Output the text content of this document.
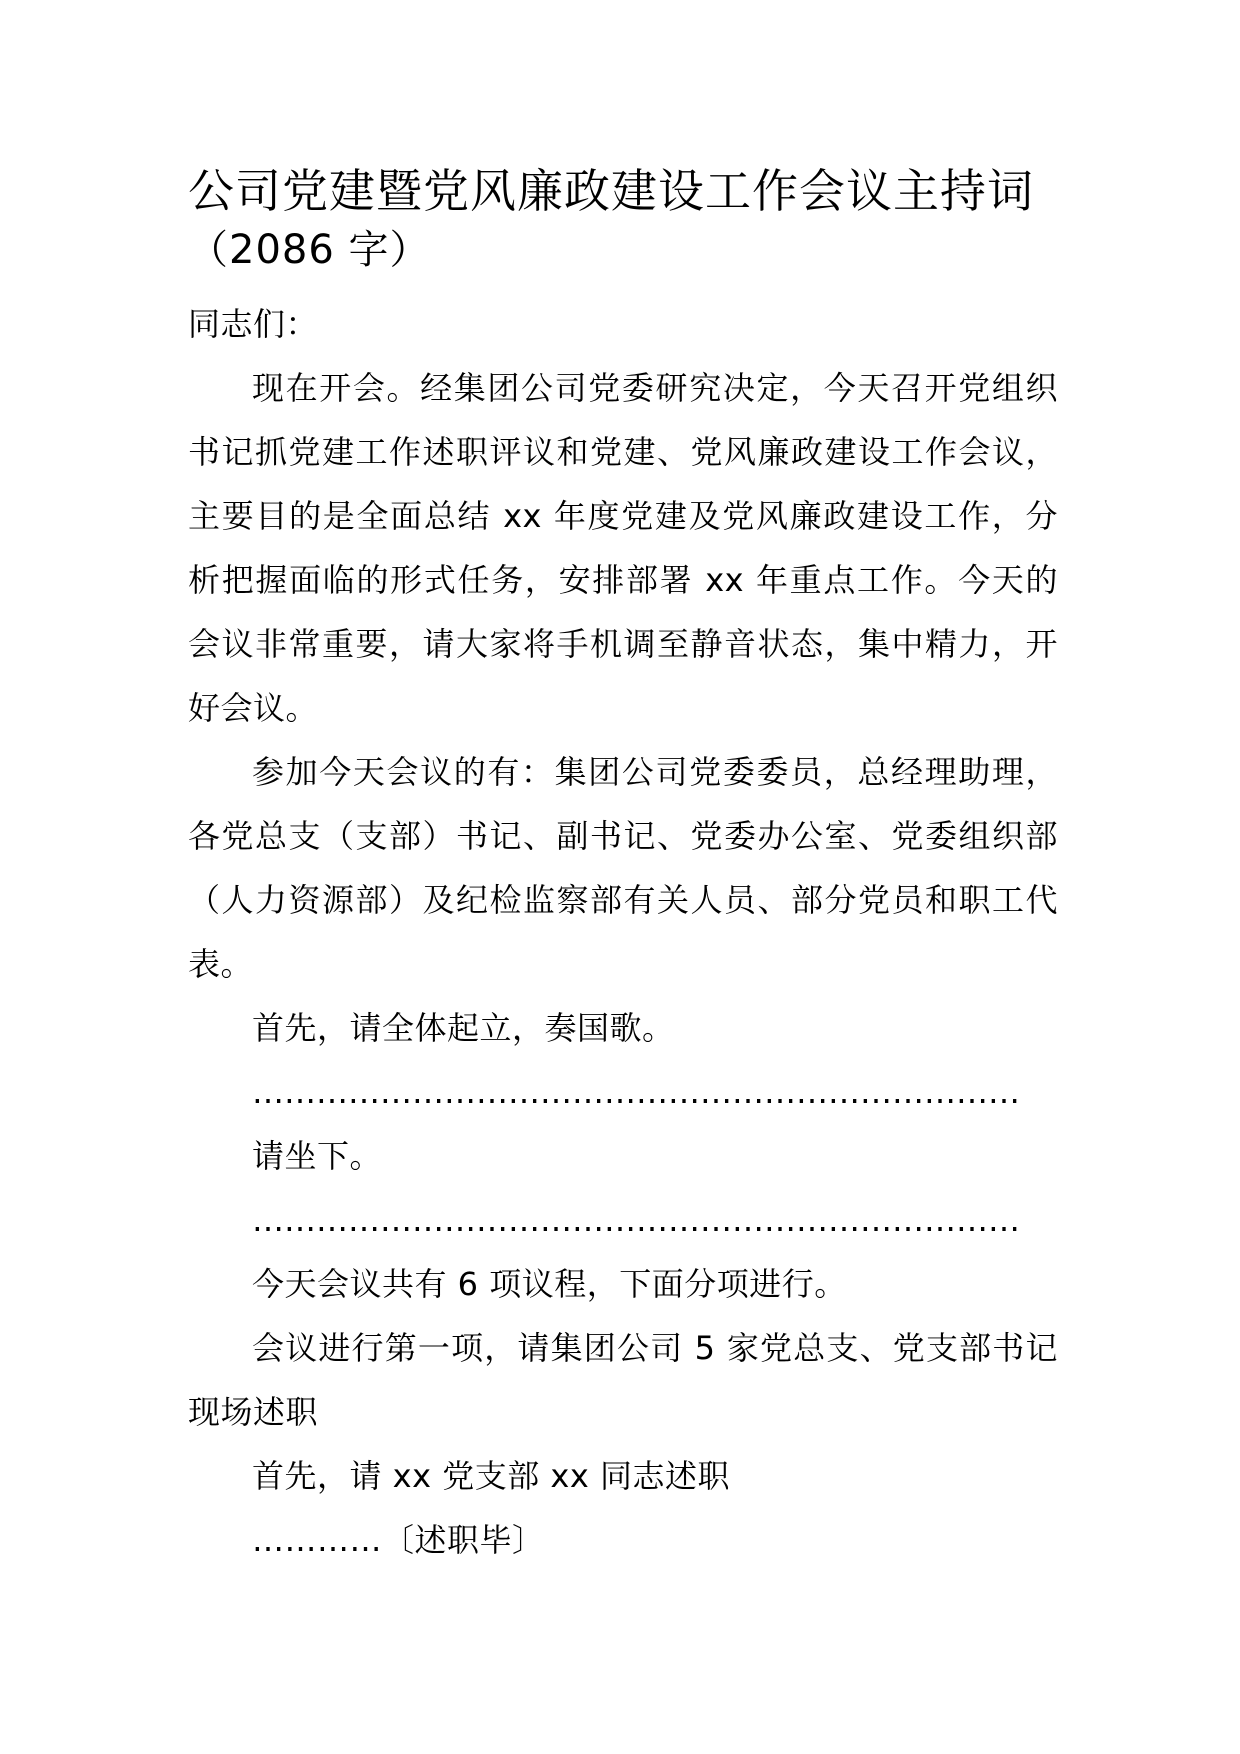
公司党建暨党风廉政建设工作会议主持词
（2086 字）

同志们：

现在开会。经集团公司党委研究决定，今天召开党组织书记抓党建工作述职评议和党建、党风廉政建设工作会议，主要目的是全面总结 xx 年度党建及党风廉政建设工作，分析把握面临的形式任务，安排部署 xx 年重点工作。今天的会议非常重要，请大家将手机调至静音状态，集中精力，开好会议。

参加今天会议的有：集团公司党委委员，总经理助理，各党总支（支部）书记、副书记、党委办公室、党委组织部（人力资源部）及纪检监察部有关人员、部分党员和职工代表。

首先，请全体起立，奏国歌。

………………………………………………………………

请坐下。

………………………………………………………………

今天会议共有 6 项议程，下面分项进行。

会议进行第一项，请集团公司 5 家党总支、党支部书记现场述职

首先，请 xx 党支部 xx 同志述职

…………〔述职毕〕
